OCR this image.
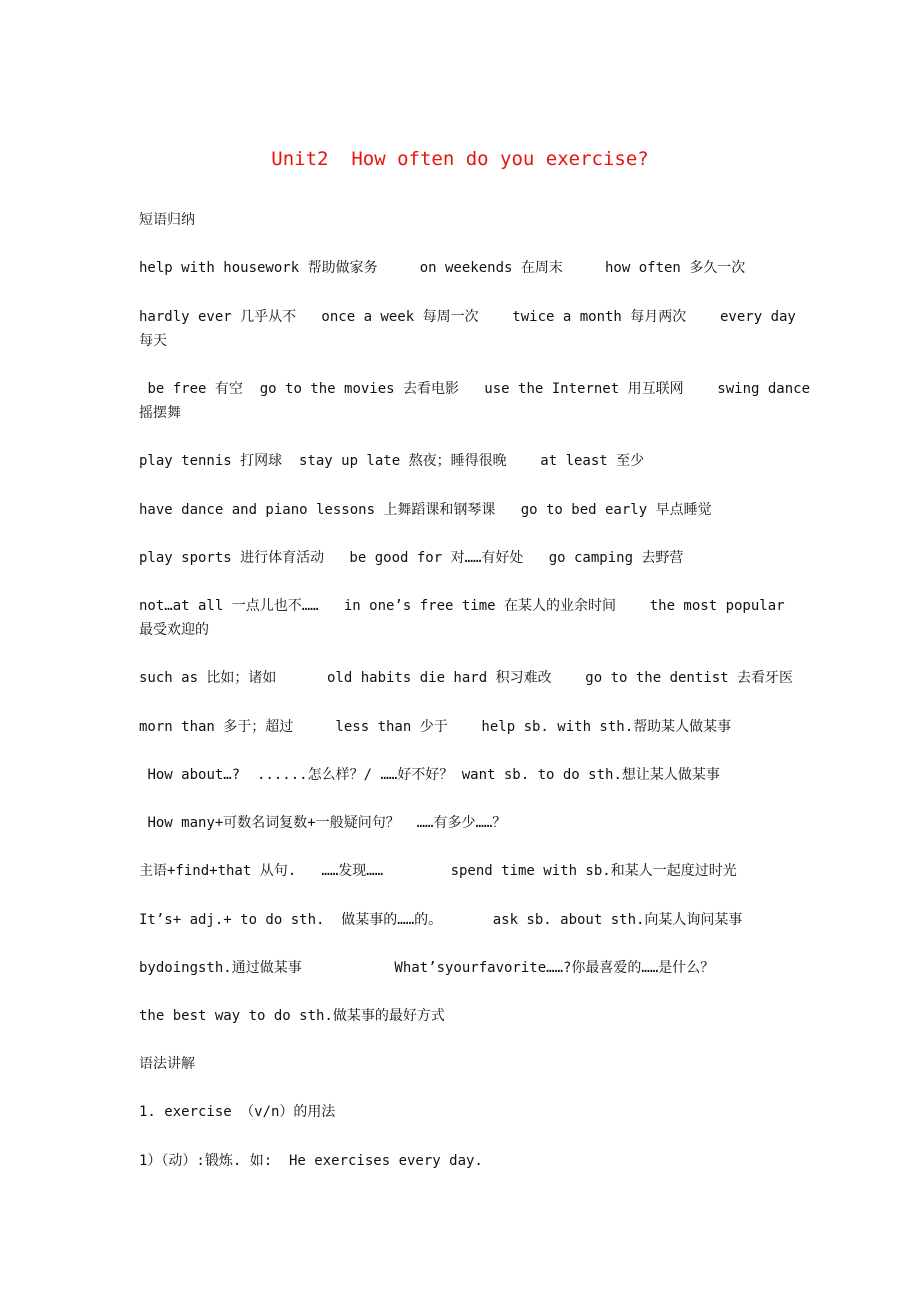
Unit2  How often do you exercise?
短语归纳
help with housework 帮助做家务     on weekends 在周末     how often 多久一次
hardly ever 几乎从不   once a week 每周一次    twice a month 每月两次    every day
每天
be free 有空  go to the movies 去看电影   use the Internet 用互联网    swing dance
摇摆舞
play tennis 打网球  stay up late 熬夜；睡得很晚    at least 至少
have dance and piano lessons 上舞蹈课和钢琴课   go to bed early 早点睡觉
play sports 进行体育活动   be good for 对……有好处   go camping 去野营
not…at all 一点儿也不……   in one’s free time 在某人的业余时间    the most popular
最受欢迎的
such as 比如；诸如      old habits die hard 积习难改    go to the dentist 去看牙医
morn than 多于；超过     less than 少于    help sb. with sth.帮助某人做某事
How about…?  ......怎么样？/ ……好不好？ want sb. to do sth.想让某人做某事
How many+可数名词复数+一般疑问句？  ……有多少……？
主语+find+that 从句.   ……发现……        spend time with sb.和某人一起度过时光
It’s+ adj.+ to do sth.  做某事的……的。      ask sb. about sth.向某人询问某事
bydoingsth.通过做某事           What’syourfavorite……?你最喜爱的……是什么？
the best way to do sth.做某事的最好方式
语法讲解
1. exercise （v/n）的用法
1）（动）:锻炼. 如:  He exercises every day.
